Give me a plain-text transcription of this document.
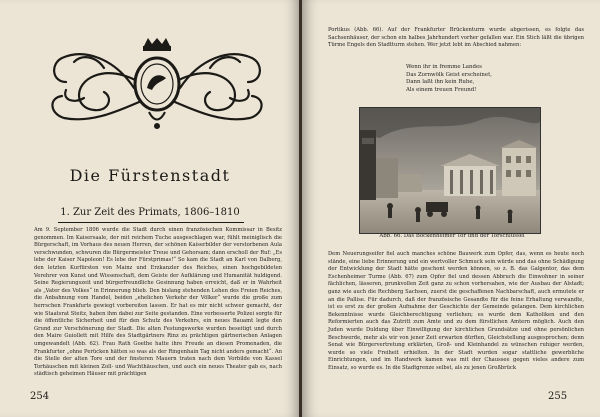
Die Fürstenstadt
1. Zur Zeit des Primats, 1806–1810

Am 9. September 1806 wurde die Stadt durch einen französischen Kommissar in Besitz genommen. Im Kaisersaale, der mit reichem Tuche ausgeschlagen war, fühlt meiniglisch die Bürgerschaft, im Vorhaus des neuen Herren, der schönen Kaiserbilder der verstorbenen Aula verschwunden, schwuren die Bürgermeister Treue und Gehorsam; dann erscholl der Ruf: „Es lebe der Kaiser Napoleon! Es lebe der Fürstprimas!“ So kam die Stadt an Karl von Dalberg, den letzten Kurfürsten von Mainz und Erzkanzler des Reiches, einen hochgebildeten Verehrer von Kunst und Wissenschaft, dem Geiste der Aufklärung und Humanität huldigend. Seine Regierungszeit und bürgerfreundliche Gesinnung haben erreicht, daß er in Wahrheit als „Vater des Volkes“ in Erinnerung blieb. Den bislang stehenden Lehen des Freien Reiches, die Anbahnung vom Handel, beiden „ehelichen Verkehr der Völker“ wurde die große zum herrschen Frankfurts gewiegt vorbereiten lassen. Er hat es mir nicht schwer gemacht, der wie Staatsrat Steitz, haben ihm dabei zur Seite gestanden. Eine verbesserte Polizei sorgte für die öffentliche Sicherheit und für den Schutz des Verkehrs, ein neues Bauamt legte den Grund zur Verschönerung der Stadt. Die alten Festungswerke wurden beseitigt und durch den Maire Guiollett mit Hilfe des Stadtgärtners Rinz zu prächtigen gärtnerischen Anlagen umgewandelt (Abb. 62). Frau Rath Goethe hatte ihre Freude an diesen Promenaden, die Frankfurter „ohne Perücken hätten so was als der Ringenhain Tag nicht anders gemacht“. An die Stelle der alten Tore und der finsteren Mauern traten nach dem Vorbilde von Kassel Torhäuschen mit kleinen Zoll- und Wachthäuschen, und auch ein neues Theater gab es, nach städtisch geheimen Häuser mit prächtigen

254

Portikus (Abb. 66). Auf der Frankfurter Brückenturm wurde abgerissen, es folgte das Sachsenhäuser, der schon ein halbes Jahrhundert vorher gefallen war. Ein Stich läßt die übrigen Türme Engels den Stadtturm stehen. Wer jetzt lebt im Abschied nahmen:

Wenn ihr in fremme Landes
Das Zornwölk Geist erscheinet,
Dann laßt ihn kein Ruhe,
Als einem treuen Freund!

Dem Neuerungseifer fiel auch manches schöne Bauwerk zum Opfer, das, wenn es heute noch stände, eine liebe Erinnerung und ein wertvoller Schmuck sein würde und das ohne Schädigung der Entwicklung der Stadt hätte geschont werden können, so z. B. das Galgentor, das dem Eschenheimer Turme (Abb. 67) zum Opfer fiel und dessen Abbruch die Einwohner in seiner fächlichen, lässeren, prunkvollen Zeit ganz zu schon vorhersahen, wie der Ausbau der Alstadt; ganz wie auch die Rechberg Sachsen, zuerst die geschaffenen Nachbarschaft, auch ermutete er an die Pallise. Für dadurch, daß der französische Gesandte für die feine Erhaltung verwandte, ist es erst zu der großen Aufnahme der Geschichte der Gemeinde gelangen. Dem kirchlichen Bekenntnisse wurde Gleichberechtigung verliehen; es wurde dem Katholiken und den Reformierten auch das Zutritt zum Amte und zu dem fürstlichen Amtern möglich. Auch den Juden wurde Duldung über Einwilligung der kirchlichen Grundsätze und ohne persönlichen Beschwerde, mehr als wir von jener Zeit erwarten dürften, Gleichstellung ausgesprochen; denn Senat wie Bürgervertretung erklärten, Groß- und Kleinhandel zu wünschen ruhiger werden, wurde so viele Freiheit erhielten. In der Stadt wurden sogar stattliche gewerbliche Einrichtungen, und im Handwerk kamen was mit der Chaussee gegen vieles andere zum Einsatz, so wurde es. In die Stadtgrenze selbst, als zu jenen Großbrück

Abb. 66. Das Bockenheimer Tor und der Torschlüssel
255
